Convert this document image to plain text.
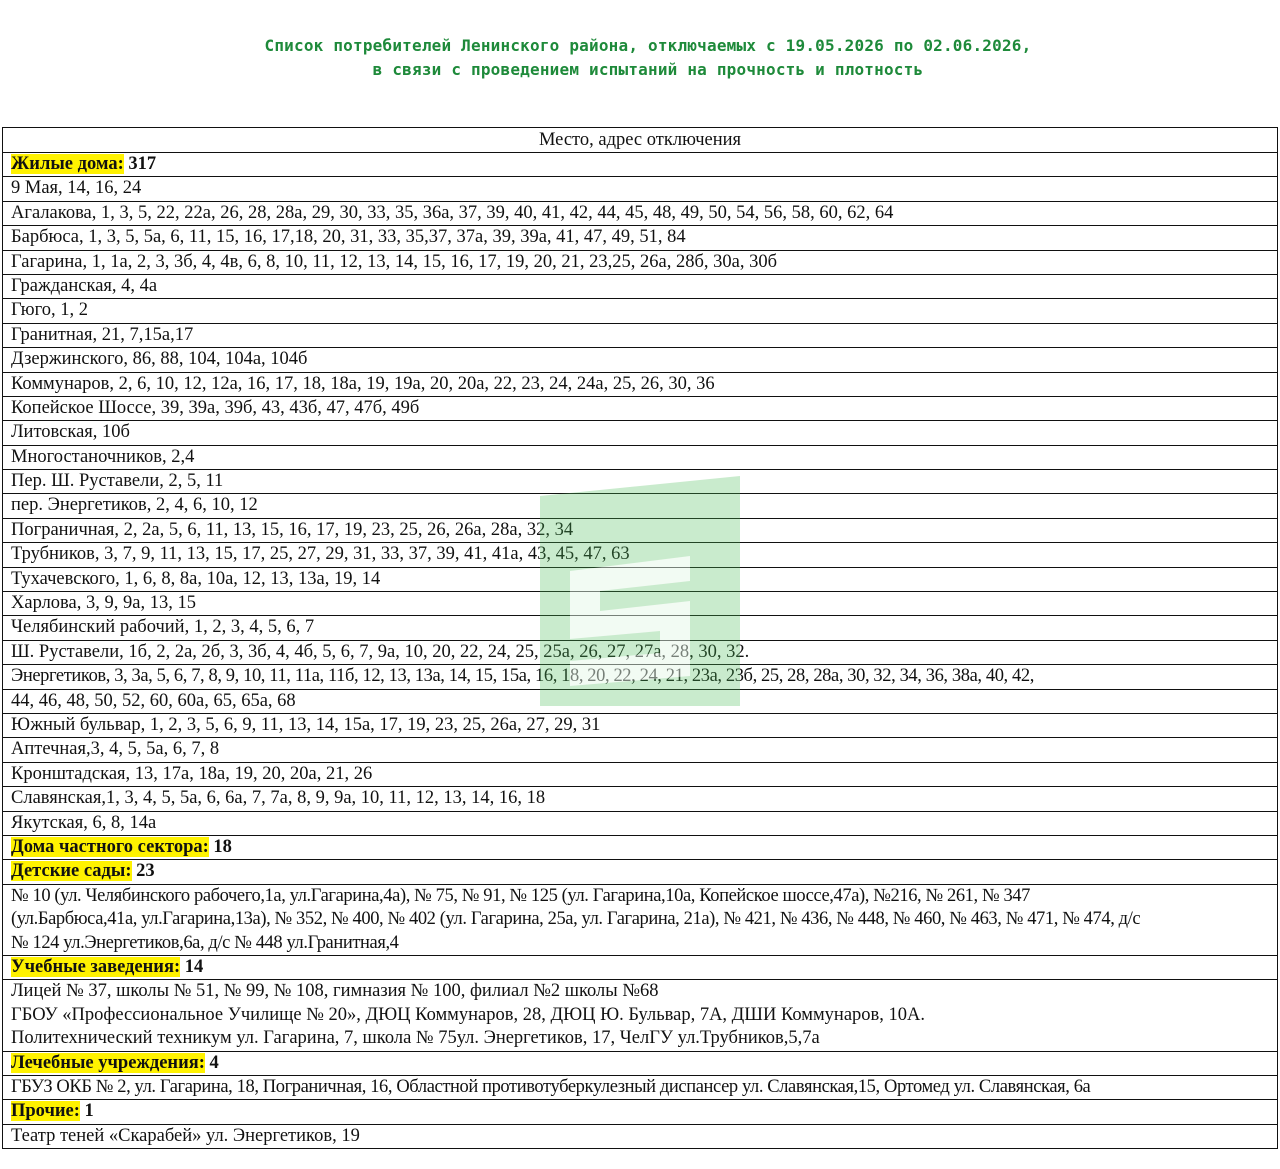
Список потребителей Ленинского района, отключаемых с 19.05.2026 по 02.06.2026,
в связи с проведением испытаний на прочность и плотность
Место, адрес отключения
Жилые дома: 317
9 Мая, 14, 16, 24
Агалакова, 1, 3, 5, 22, 22а, 26, 28, 28а, 29, 30, 33, 35, 36а, 37, 39, 40, 41, 42, 44, 45, 48, 49, 50, 54, 56, 58, 60, 62, 64
Барбюса, 1, 3, 5, 5а, 6, 11, 15, 16, 17,18, 20, 31, 33, 35,37, 37а, 39, 39а, 41, 47, 49, 51, 84
Гагарина, 1, 1а, 2, 3, 3б, 4, 4в, 6, 8, 10, 11, 12, 13, 14, 15, 16, 17, 19, 20, 21, 23,25, 26а, 28б, 30а, 30б
Гражданская, 4, 4а
Гюго, 1, 2
Гранитная, 21, 7,15а,17
Дзержинского, 86, 88, 104, 104а, 104б
Коммунаров, 2, 6, 10, 12, 12а, 16, 17, 18, 18а, 19, 19а, 20, 20а, 22, 23, 24, 24а, 25, 26, 30, 36
Копейское Шоссе, 39, 39а, 39б, 43, 43б, 47, 47б, 49б
Литовская, 10б
Многостаночников, 2,4
Пер. Ш. Руставели, 2, 5, 11
пер. Энергетиков, 2, 4, 6, 10, 12
Пограничная, 2, 2а, 5, 6, 11, 13, 15, 16, 17, 19, 23, 25, 26, 26а, 28а, 32, 34
Трубников, 3, 7, 9, 11, 13, 15, 17, 25, 27, 29, 31, 33, 37, 39, 41, 41а, 43, 45, 47, 63
Тухачевского, 1, 6, 8, 8а, 10а, 12, 13, 13а, 19, 14
Харлова, 3, 9, 9а, 13, 15
Челябинский рабочий, 1, 2, 3, 4, 5, 6, 7
Ш. Руставели, 1б, 2, 2а, 2б, 3, 3б, 4, 4б, 5, 6, 7, 9а, 10, 20, 22, 24, 25, 25а, 26, 27, 27а, 28, 30, 32.
Энергетиков, 3, 3а, 5, 6, 7, 8, 9, 10, 11, 11а, 11б, 12, 13, 13а, 14, 15, 15а, 16, 18, 20, 22, 24, 21, 23а, 23б, 25, 28, 28а, 30, 32, 34, 36, 38а, 40, 42,
44, 46, 48, 50, 52, 60, 60а, 65, 65а, 68
Южный бульвар, 1, 2, 3, 5, 6, 9, 11, 13, 14, 15а, 17, 19, 23, 25, 26а, 27, 29, 31
Аптечная,3, 4, 5, 5а, 6, 7, 8
Кронштадская, 13, 17а, 18а, 19, 20, 20а, 21, 26
Славянская,1, 3, 4, 5, 5а, 6, 6а, 7, 7а, 8, 9, 9а, 10, 11, 12, 13, 14, 16, 18
Якутская, 6, 8, 14а
Дома частного сектора: 18
Детские сады: 23
№ 10 (ул. Челябинского рабочего,1а, ул.Гагарина,4а), № 75, № 91, № 125 (ул. Гагарина,10а, Копейское шоссе,47а), №216, № 261, № 347
(ул.Барбюса,41а, ул.Гагарина,13а), № 352, № 400, № 402 (ул. Гагарина, 25а, ул. Гагарина, 21а), № 421, № 436, № 448, № 460, № 463, № 471, № 474, д/с
№ 124 ул.Энергетиков,6а, д/с № 448 ул.Гранитная,4
Учебные заведения: 14
Лицей № 37, школы № 51, № 99, № 108, гимназия № 100, филиал №2 школы №68
ГБОУ «Профессиональное Училище № 20», ДЮЦ Коммунаров, 28, ДЮЦ Ю. Бульвар, 7А, ДШИ Коммунаров, 10А.
Политехнический техникум ул. Гагарина, 7, школа № 75ул. Энергетиков, 17, ЧелГУ ул.Трубников,5,7а
Лечебные учреждения: 4
ГБУЗ ОКБ № 2, ул. Гагарина, 18, Пограничная, 16, Областной противотуберкулезный диспансер ул. Славянская,15, Ортомед ул. Славянская, 6а
Прочие: 1
Театр теней «Скарабей» ул. Энергетиков, 19
